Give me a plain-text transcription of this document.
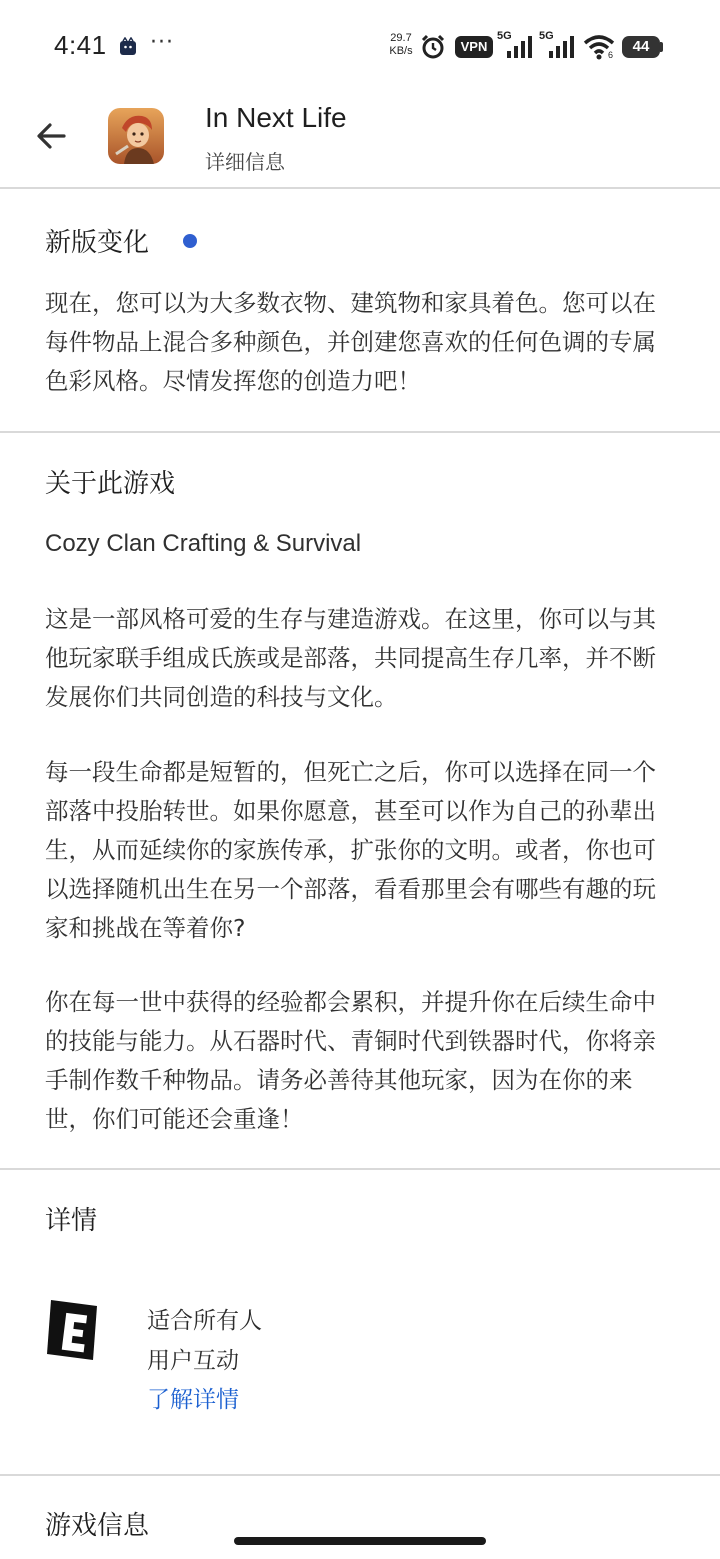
4:41 ···	29.7
KB/s	VPN
5G 5G
6	44
In Next Life
详细信息
新版变化
现在，您可以为大多数衣物、建筑物和家具着色。您可以在每件物品上混合多种颜色，并创建您喜欢的任何色调的专属色彩风格。尽情发挥您的创造力吧！
关于此游戏
Cozy Clan Crafting & Survival
这是一部风格可爱的生存与建造游戏。在这里，你可以与其他玩家联手组成氏族或是部落，共同提高生存几率，并不断发展你们共同创造的科技与文化。
每一段生命都是短暂的，但死亡之后，你可以选择在同一个部落中投胎转世。如果你愿意，甚至可以作为自己的孙辈出生，从而延续你的家族传承，扩张你的文明。或者，你也可以选择随机出生在另一个部落，看看那里会有哪些有趣的玩家和挑战在等着你?
你在每一世中获得的经验都会累积，并提升你在后续生命中的技能与能力。从石器时代、青铜时代到铁器时代，你将亲手制作数千种物品。请务必善待其他玩家，因为在你的来世，你们可能还会重逢！
详情
适合所有人
用户互动
了解详情
游戏信息
